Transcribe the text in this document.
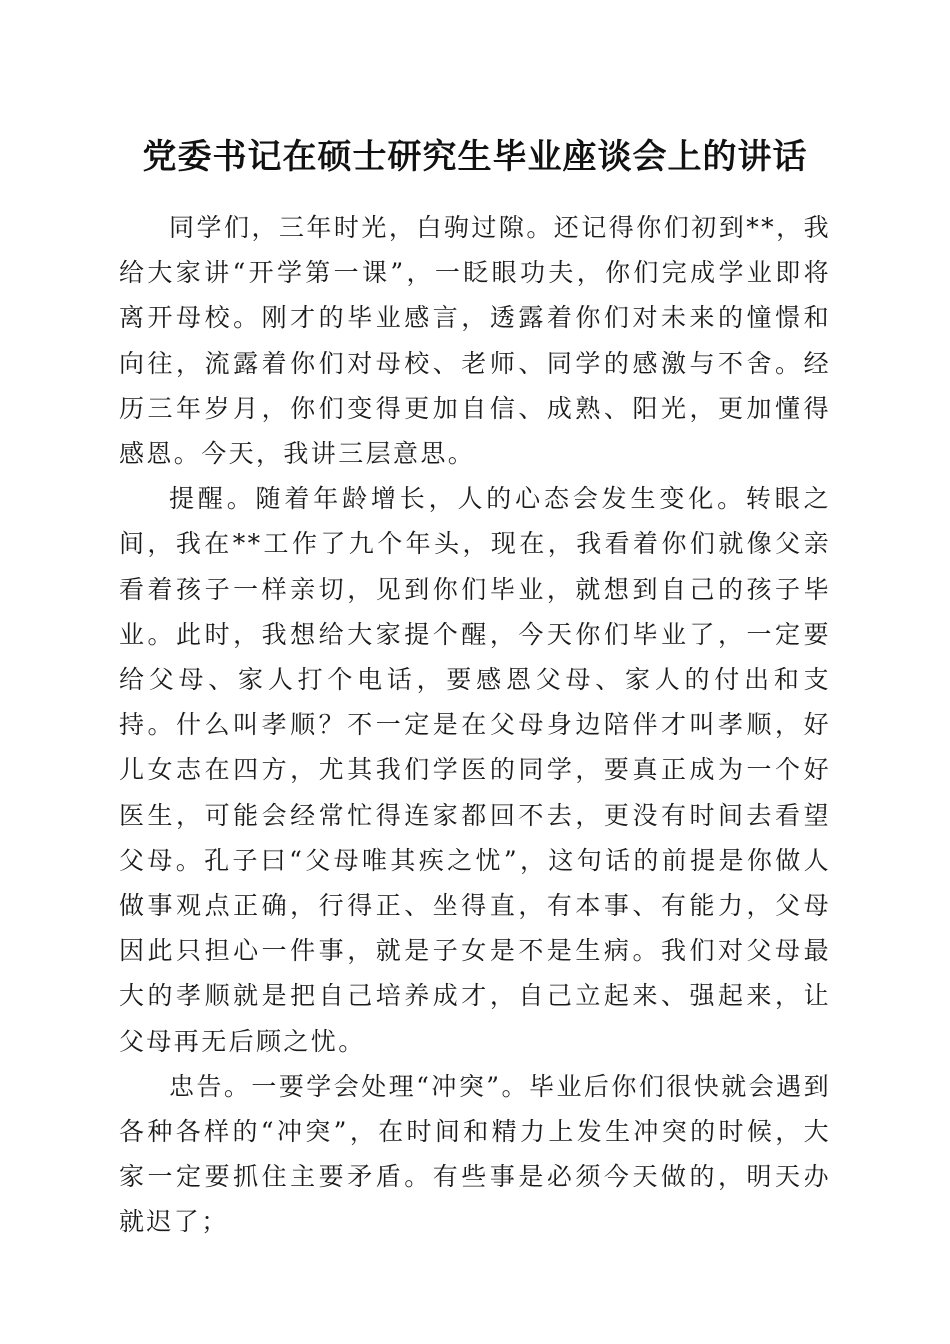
党委书记在硕士研究生毕业座谈会上的讲话

同学们，三年时光，白驹过隙。还记得你们初到**，我给大家讲“开学第一课”，一眨眼功夫，你们完成学业即将离开母校。刚才的毕业感言，透露着你们对未来的憧憬和向往，流露着你们对母校、老师、同学的感激与不舍。经历三年岁月，你们变得更加自信、成熟、阳光，更加懂得感恩。今天，我讲三层意思。

提醒。随着年龄增长，人的心态会发生变化。转眼之间，我在**工作了九个年头，现在，我看着你们就像父亲看着孩子一样亲切，见到你们毕业，就想到自己的孩子毕业。此时，我想给大家提个醒，今天你们毕业了，一定要给父母、家人打个电话，要感恩父母、家人的付出和支持。什么叫孝顺？不一定是在父母身边陪伴才叫孝顺，好儿女志在四方，尤其我们学医的同学，要真正成为一个好医生，可能会经常忙得连家都回不去，更没有时间去看望父母。孔子曰“父母唯其疾之忧”，这句话的前提是你做人做事观点正确，行得正、坐得直，有本事、有能力，父母因此只担心一件事，就是子女是不是生病。我们对父母最大的孝顺就是把自己培养成才，自己立起来、强起来，让父母再无后顾之忧。

忠告。一要学会处理“冲突”。毕业后你们很快就会遇到各种各样的“冲突”，在时间和精力上发生冲突的时候，大家一定要抓住主要矛盾。有些事是必须今天做的，明天办就迟了；
